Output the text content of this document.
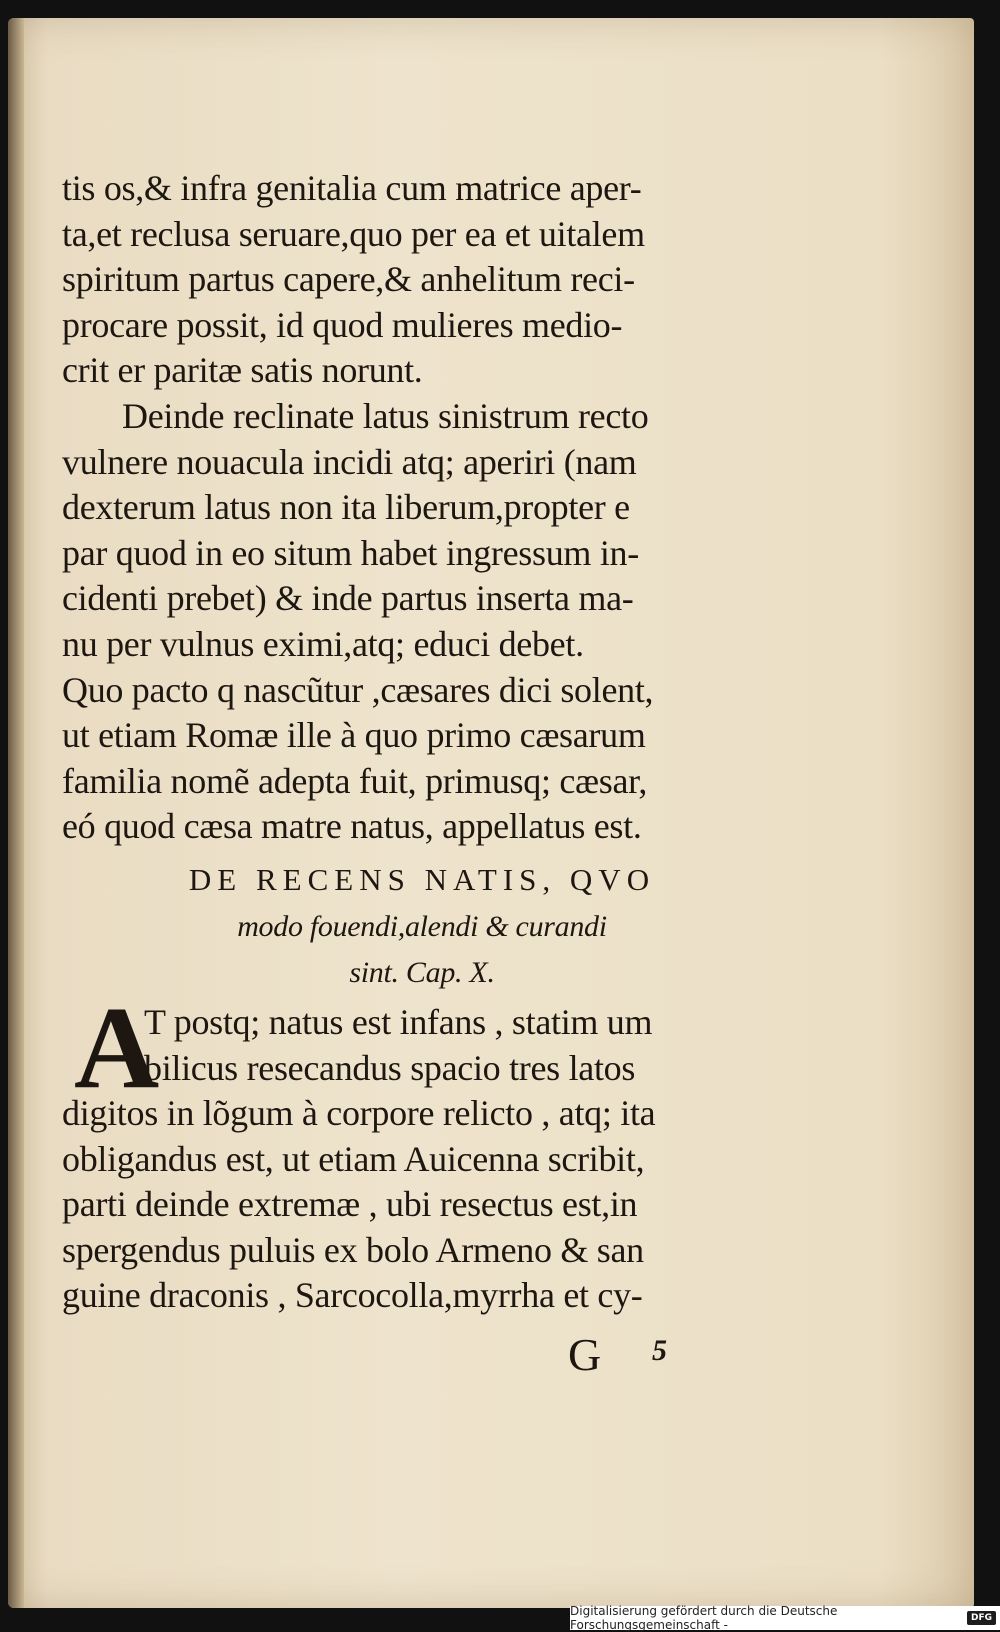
tis os,& infra genitalia cum matrice aper-
ta,et reclusa seruare,quo per ea et uitalem
spiritum partus capere,& anhelitum reci-
procare possit, id quod mulieres medio-
crit er paritæ satis norunt.
Deinde reclinate latus sinistrum recto
vulnere nouacula incidi atq; aperiri (nam
dexterum latus non ita liberum,propter e
par quod in eo situm habet ingressum in-
cidenti prebet) & inde partus inserta ma-
nu per vulnus eximi,atq; educi debet.
Quo pacto q nascũtur ,cæsares dici solent,
ut etiam Romæ ille à quo primo cæsarum
familia nomẽ adepta fuit, primusq; cæsar,
eó quod cæsa matre natus, appellatus est.
DE RECENS NATIS, QVO
modo fouendi,alendi & curandi
sint. Cap. X.
A
T postq; natus est infans , statim um
bilicus resecandus spacio tres latos
digitos in lõgum à corpore relicto , atq; ita
obligandus est, ut etiam Auicenna scribit,
parti deinde extremæ , ubi resectus est,in
spergendus puluis ex bolo Armeno & san
guine draconis , Sarcocolla,myrrha et cy-
G 5
Digitalisierung gefördert durch die Deutsche Forschungsgemeinschaft -	DFG
